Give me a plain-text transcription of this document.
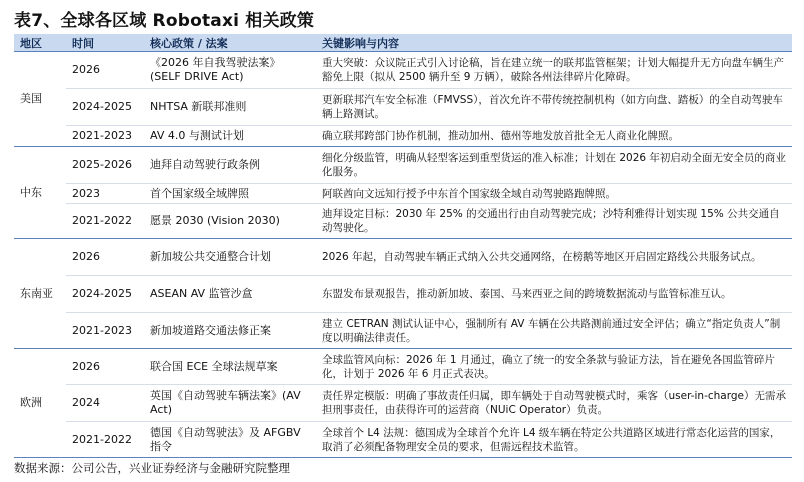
表7、全球各区域 Robotaxi 相关政策
地区	时间	核心政策 / 法案	关键影响与内容
美国	2026	《2026 年自我驾驶法案》(SELF DRIVE Act)	重大突破：众议院正式引入讨论稿，旨在建立统一的联邦监管框架；计划大幅提升无方向盘车辆生产豁免上限（拟从 2500 辆升至 9 万辆），破除各州法律碎片化障碍。
	2024-2025	NHTSA 新联邦准则	更新联邦汽车安全标准（FMVSS），首次允许不带传统控制机构（如方向盘、踏板）的全自动驾驶车辆上路测试。
	2021-2023	AV 4.0 与测试计划	确立联邦跨部门协作机制，推动加州、德州等地发放首批全无人商业化牌照。
中东	2025-2026	迪拜自动驾驶行政条例	细化分级监管，明确从轻型客运到重型货运的准入标准；计划在 2026 年初启动全面无安全员的商业化服务。
	2023	首个国家级全域牌照	阿联酋向文远知行授予中东首个国家级全域自动驾驶路跑牌照。
	2021-2022	愿景 2030 (Vision 2030)	迪拜设定目标：2030 年 25% 的交通出行由自动驾驶完成；沙特利雅得计划实现 15% 公共交通自动驾驶化。
东南亚	2026	新加坡公共交通整合计划	2026 年起，自动驾驶车辆正式纳入公共交通网络，在榜鹅等地区开启固定路线公共服务试点。
	2024-2025	ASEAN AV 监管沙盒	东盟发布景观报告，推动新加坡、泰国、马来西亚之间的跨境数据流动与监管标准互认。
	2021-2023	新加坡道路交通法修正案	建立 CETRAN 测试认证中心，强制所有 AV 车辆在公共路测前通过安全评估；确立“指定负责人”制度以明确法律责任。
欧洲	2026	联合国 ECE 全球法规草案	全球监管风向标：2026 年 1 月通过，确立了统一的安全条款与验证方法，旨在避免各国监管碎片化，计划于 2026 年 6 月正式表决。
	2024	英国《自动驾驶车辆法案》(AV Act)	责任界定模版：明确了事故责任归属，即车辆处于自动驾驶模式时，乘客（user-in-charge）无需承担刑事责任，由获得许可的运营商（NUiC Operator）负责。
	2021-2022	德国《自动驾驶法》及 AFGBV 指令	全球首个 L4 法规：德国成为全球首个允许 L4 级车辆在特定公共道路区域进行常态化运营的国家，取消了必须配备物理安全员的要求，但需远程技术监管。
数据来源：公司公告，兴业证券经济与金融研究院整理
